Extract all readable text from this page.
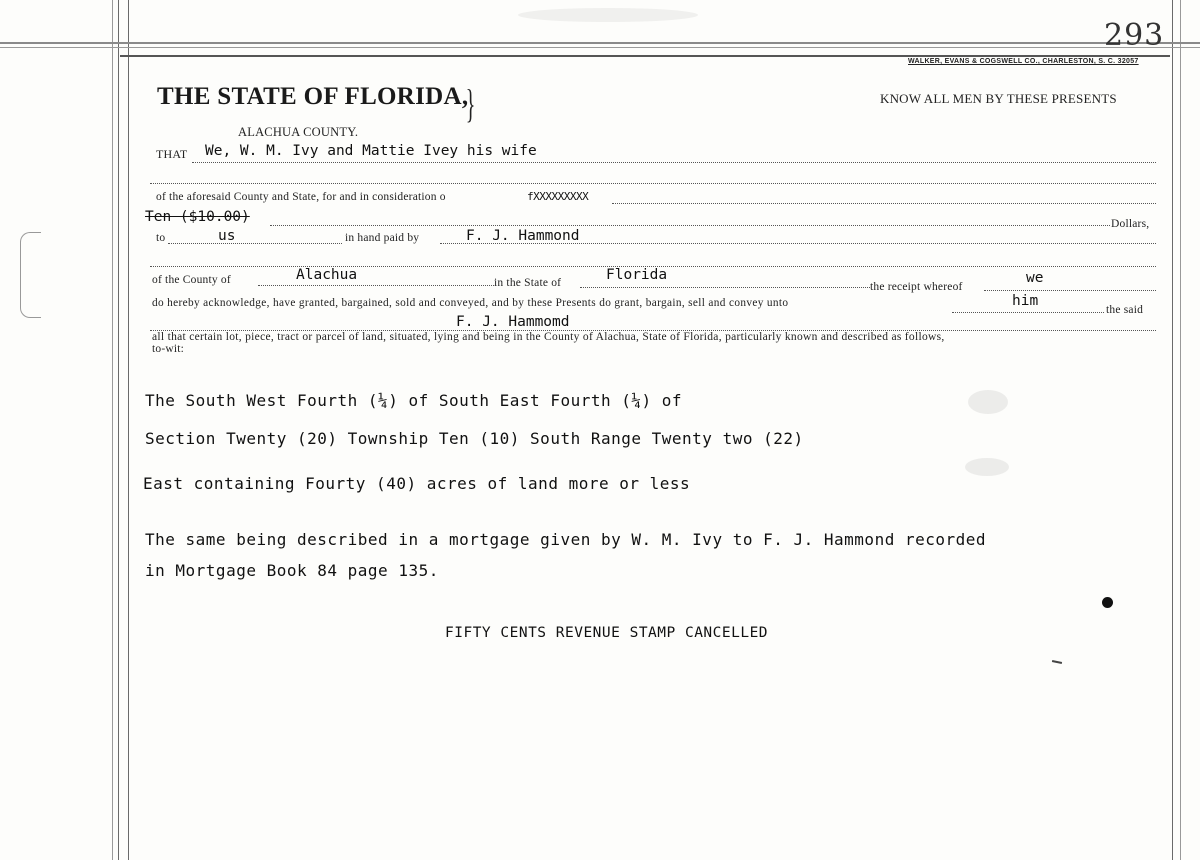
293
WALKER, EVANS & COGSWELL CO., CHARLESTON, S. C. 32057
THE STATE OF FLORIDA,
}
ALACHUA COUNTY.
KNOW ALL MEN BY THESE PRESENTS
THAT We, W. M. Ivy and Mattie Ivey his wife
of the aforesaid County and State, for and in consideration o	fXXXXXXXXX
Ten ($10.00)	Dollars,
to	us	in hand paid by	F. J. Hammond
of the County of	Alachua	in the State of	Florida
the receipt whereof
we
do hereby acknowledge, have granted, bargained, sold and conveyed, and by these Presents do grant, bargain, sell and convey unto	him
the said
F. J. Hammomd
all that certain lot, piece, tract or parcel of land, situated, lying and being in the County of Alachua, State of Florida, particularly known and described as follows,
to-wit:
The South West Fourth (¼) of South East Fourth (¼) of
Section Twenty (20) Township Ten (10) South Range Twenty two (22)
East containing Fourty (40) acres of land more or less
The same being described in a mortgage given by W. M. Ivy to F. J. Hammond recorded
in Mortgage Book 84 page 135.
FIFTY CENTS REVENUE STAMP CANCELLED
